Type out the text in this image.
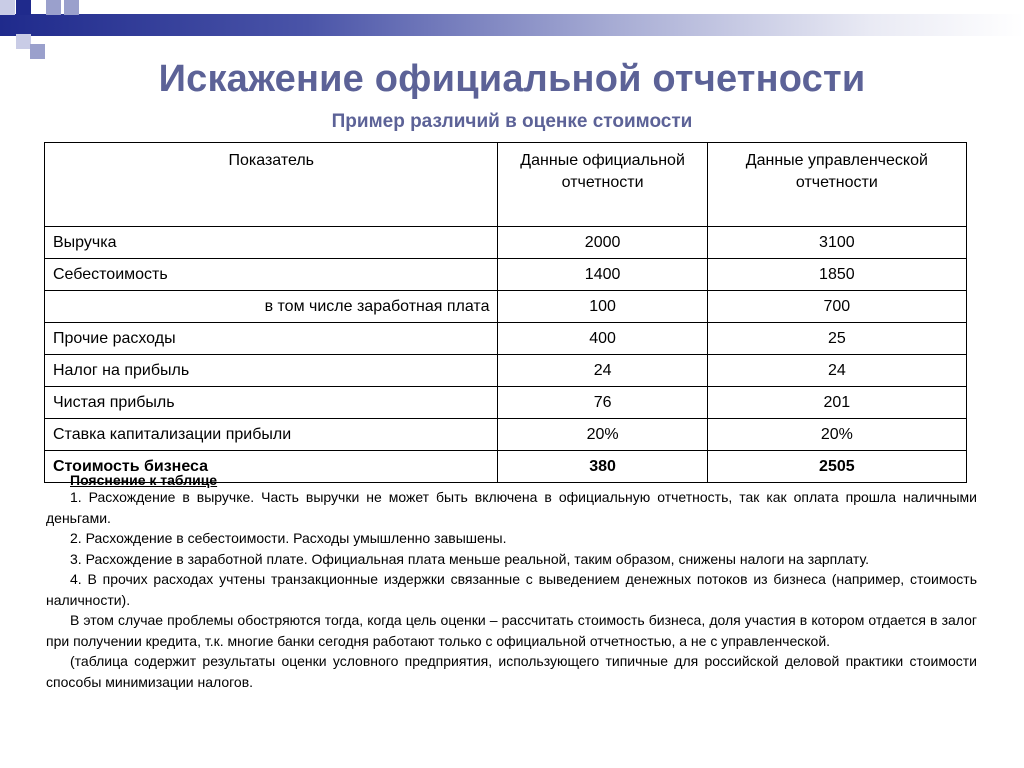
Искажение официальной отчетности
Пример различий в оценке стоимости
Показатель	Данные официальной отчетности	Данные управленческой отчетности
Выручка	2000	3100
Себестоимость	1400	1850
в том числе заработная плата	100	700
Прочие расходы	400	25
Налог на прибыль	24	24
Чистая прибыль	76	201
Ставка капитализации прибыли	20%	20%
Стоимость бизнеса	380	2505
Пояснение к таблице

1. Расхождение в выручке. Часть выручки не может быть включена в официальную отчетность, так как оплата прошла наличными деньгами.

2. Расхождение в себестоимости. Расходы умышленно завышены.

3. Расхождение в заработной плате. Официальная плата меньше реальной, таким образом, снижены налоги на зарплату.

4. В прочих расходах учтены транзакционные издержки связанные с выведением денежных потоков из бизнеса (например, стоимость наличности).

В этом случае проблемы обостряются тогда, когда цель оценки – рассчитать стоимость бизнеса, доля участия в котором отдается в залог при получении кредита, т.к. многие банки сегодня работают только с официальной отчетностью, а не с управленческой.

(таблица содержит результаты оценки условного предприятия, использующего типичные для российской деловой практики стоимости способы минимизации налогов.
